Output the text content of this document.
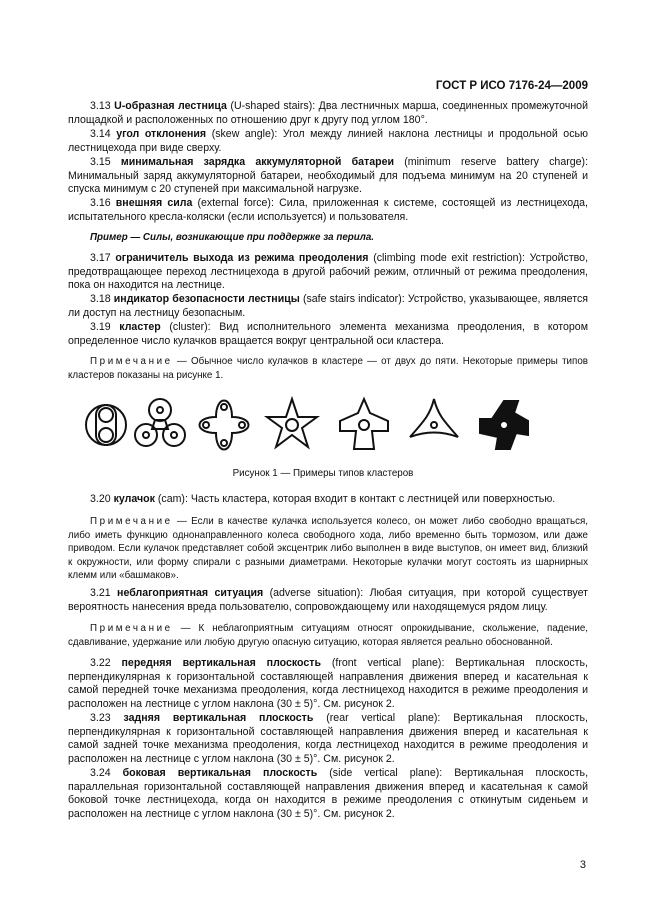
ГОСТ Р ИСО 7176-24—2009
3.13 U-образная лестница (U-shaped stairs): Два лестничных марша, соединенных промежуточной площадкой и расположенных по отношению друг к другу под углом 180°.
3.14 угол отклонения (skew angle): Угол между линией наклона лестницы и продольной осью лестницехода при виде сверху.
3.15 минимальная зарядка аккумуляторной батареи (minimum reserve battery charge): Минимальный заряд аккумуляторной батареи, необходимый для подъема минимум на 20 ступеней и спуска минимум с 20 ступеней при максимальной нагрузке.
3.16 внешняя сила (external force): Сила, приложенная к системе, состоящей из лестницехода, испытательного кресла-коляски (если используется) и пользователя.
Пример — Силы, возникающие при поддержке за перила.
3.17 ограничитель выхода из режима преодоления (climbing mode exit restriction): Устройство, предотвращающее переход лестницехода в другой рабочий режим, отличный от режима преодоления, пока он находится на лестнице.
3.18 индикатор безопасности лестницы (safe stairs indicator): Устройство, указывающее, является ли доступ на лестницу безопасным.
3.19 кластер (cluster): Вид исполнительного элемента механизма преодоления, в котором определенное число кулачков вращается вокруг центральной оси кластера.
Примечание — Обычное число кулачков в кластере — от двух до пяти. Некоторые примеры типов кластеров показаны на рисунке 1.
Рисунок 1 — Примеры типов кластеров
3.20 кулачок (cam): Часть кластера, которая входит в контакт с лестницей или поверхностью.
Примечание — Если в качестве кулачка используется колесо, он может либо свободно вращаться, либо иметь функцию однонаправленного колеса свободного хода, либо временно быть тормозом, или даже приводом. Если кулачок представляет собой эксцентрик либо выполнен в виде выступов, он имеет вид, близкий к окружности, или форму спирали с разными диаметрами. Некоторые кулачки могут состоять из шарнирных клемм или «башмаков».
3.21 неблагоприятная ситуация (adverse situation): Любая ситуация, при которой существует вероятность нанесения вреда пользователю, сопровождающему или находящемуся рядом лицу.
Примечание — К неблагоприятным ситуациям относят опрокидывание, скольжение, падение, сдавливание, удержание или любую другую опасную ситуацию, которая является реально обоснованной.
3.22 передняя вертикальная плоскость (front vertical plane): Вертикальная плоскость, перпендикулярная к горизонтальной составляющей направления движения вперед и касательная к самой передней точке механизма преодоления, когда лестницеход находится в режиме преодоления и расположен на лестнице с углом наклона (30 ± 5)°. См. рисунок 2.
3.23 задняя вертикальная плоскость (rear vertical plane): Вертикальная плоскость, перпендикулярная к горизонтальной составляющей направления движения вперед и касательная к самой задней точке механизма преодоления, когда лестницеход находится в режиме преодоления и расположен на лестнице с углом наклона (30 ± 5)°. См. рисунок 2.
3.24 боковая вертикальная плоскость (side vertical plane): Вертикальная плоскость, параллельная горизонтальной составляющей направления движения вперед и касательная к самой боковой точке лестницехода, когда он находится в режиме преодоления с откинутым сиденьем и расположен на лестнице с углом наклона (30 ± 5)°. См. рисунок 2.
3
